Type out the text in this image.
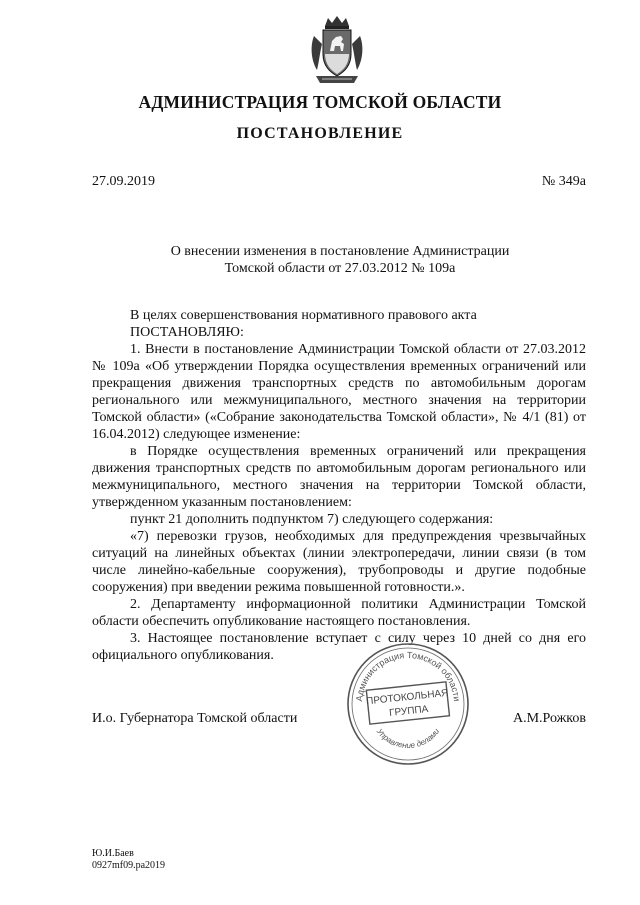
АДМИНИСТРАЦИЯ ТОМСКОЙ ОБЛАСТИ
ПОСТАНОВЛЕНИЕ
27.09.2019	№ 349а
О внесении изменения в постановление Администрации
Томской области от 27.03.2012 № 109а

В целях совершенствования нормативного правового акта

ПОСТАНОВЛЯЮ:

1. Внести в постановление Администрации Томской области от 27.03.2012 № 109а «Об утверждении Порядка осуществления временных ограничений или прекращения движения транспортных средств по автомобильным дорогам регионального или межмуниципального, местного значения на территории Томской области» («Собрание законодательства Томской области», № 4/1 (81) от 16.04.2012) следующее изменение:

в Порядке осуществления временных ограничений или прекращения движения транспортных средств по автомобильным дорогам регионального или межмуниципального, местного значения на территории Томской области, утвержденном указанным постановлением:

пункт 21 дополнить подпунктом 7) следующего содержания:

«7) перевозки грузов, необходимых для предупреждения чрезвычайных ситуаций на линейных объектах (линии электропередачи, линии связи (в том числе линейно-кабельные сооружения), трубопроводы и другие подобные сооружения) при введении режима повышенной готовности.».

2. Департаменту информационной политики Администрации Томской области обеспечить опубликование настоящего постановления.

3. Настоящее постановление вступает с силу через 10 дней со дня его официального опубликования.

Администрация Томской области
Управление делами
ПРОТОКОЛЬНАЯ
ГРУППА
И.о. Губернатора Томской области	А.М.Рожков
Ю.И.Баев
0927mf09.pa2019
